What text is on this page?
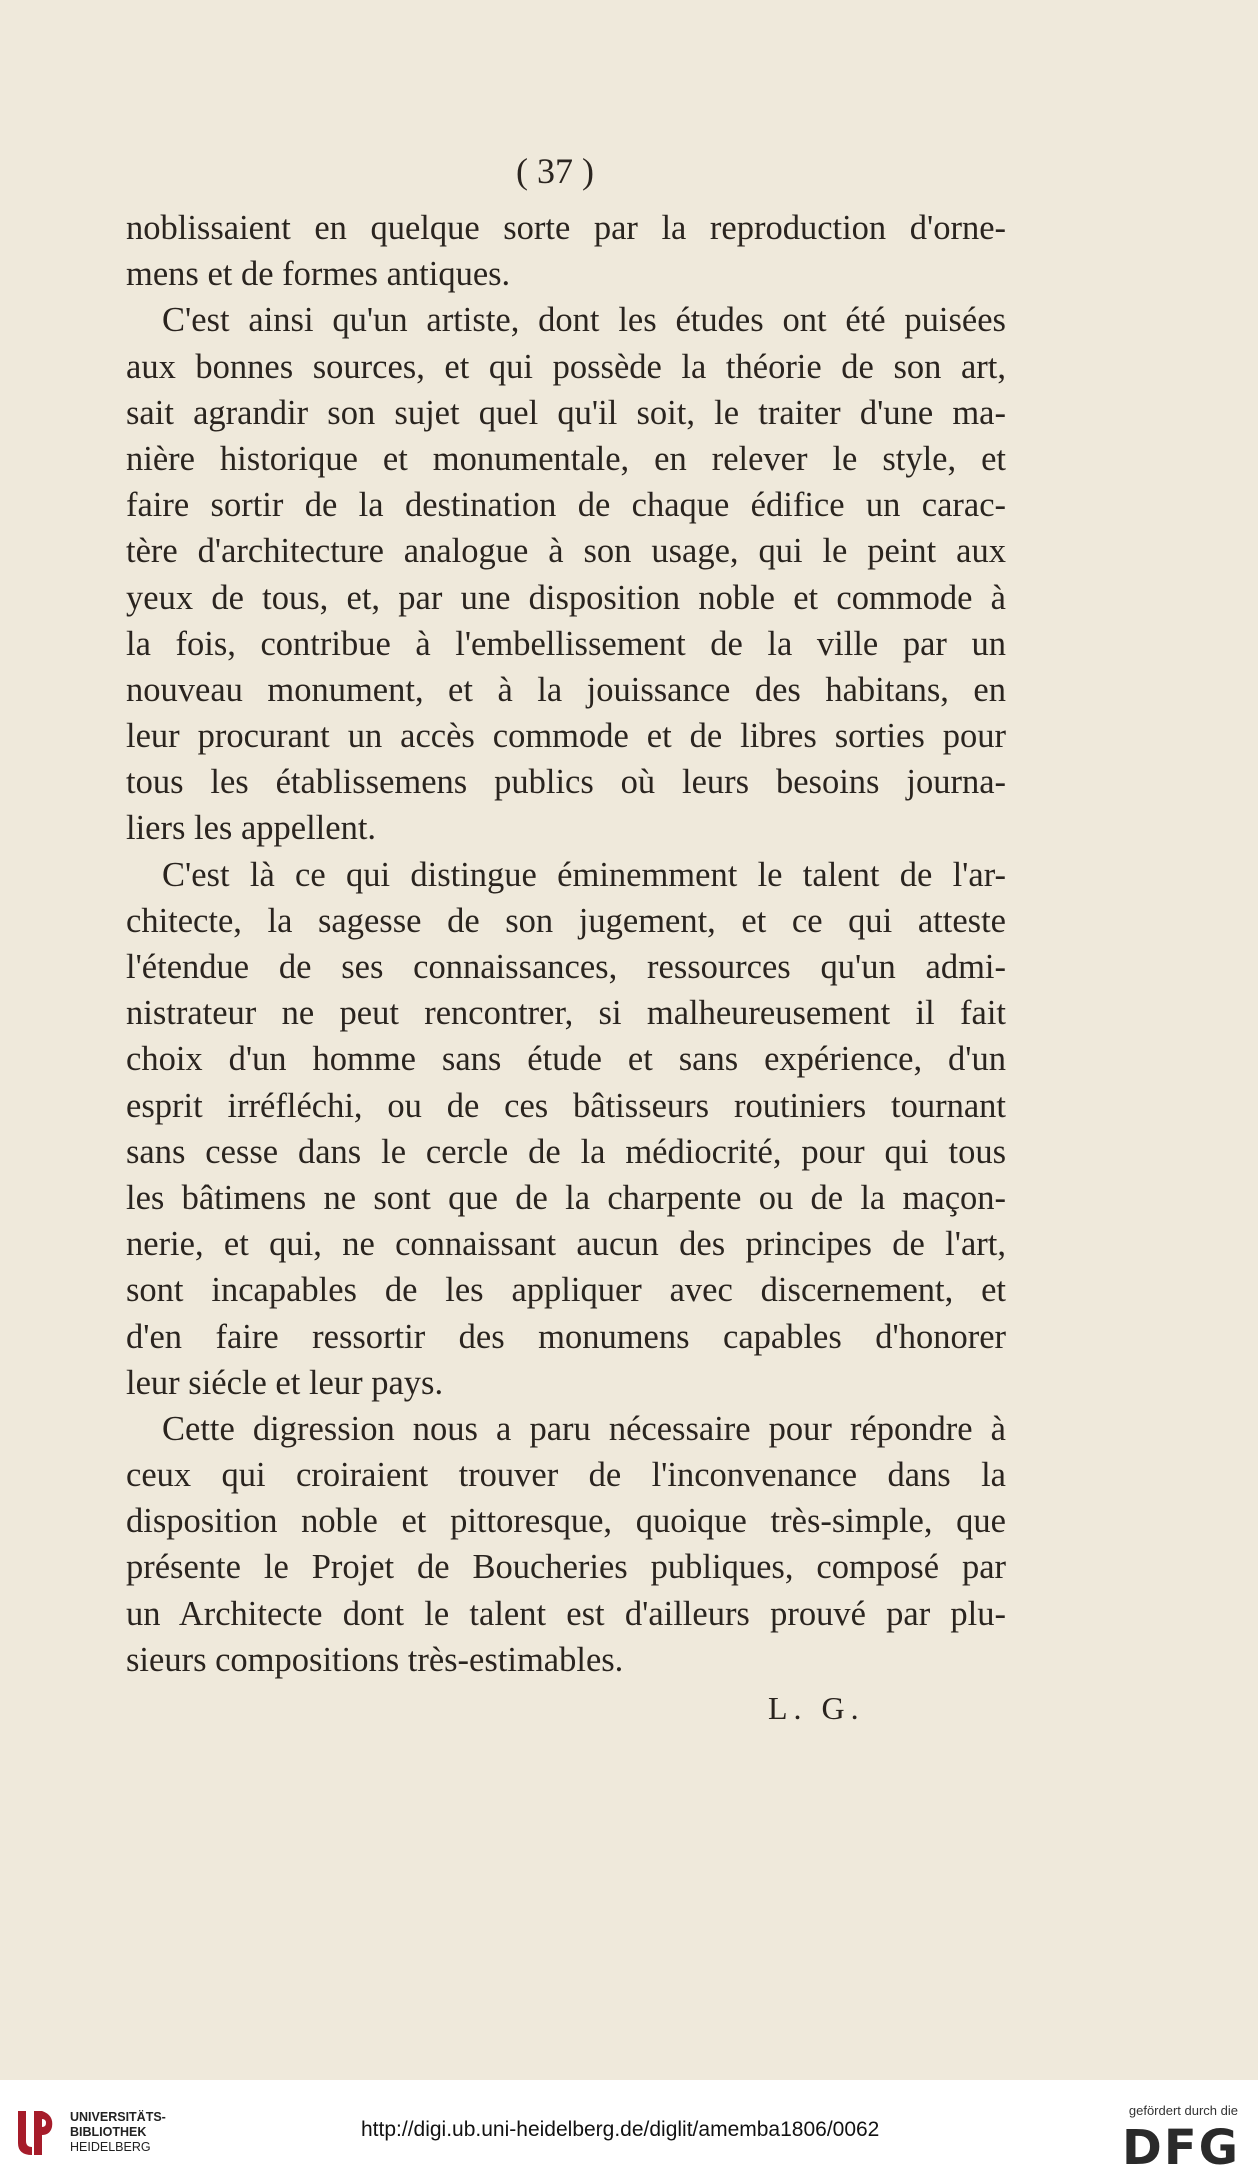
( 37 )
noblissaient en quelque sorte par la reproduction d'orne-
mens et de formes antiques.
C'est ainsi qu'un artiste, dont les études ont été puisées
aux bonnes sources, et qui possède la théorie de son art,
sait agrandir son sujet quel qu'il soit, le traiter d'une ma-
nière historique et monumentale, en relever le style, et
faire sortir de la destination de chaque édifice un carac-
tère d'architecture analogue à son usage, qui le peint aux
yeux de tous, et, par une disposition noble et commode à
la fois, contribue à l'embellissement de la ville par un
nouveau monument, et à la jouissance des habitans, en
leur procurant un accès commode et de libres sorties pour
tous les établissemens publics où leurs besoins journa-
liers les appellent.
C'est là ce qui distingue éminemment le talent de l'ar-
chitecte, la sagesse de son jugement, et ce qui atteste
l'étendue de ses connaissances, ressources qu'un admi-
nistrateur ne peut rencontrer, si malheureusement il fait
choix d'un homme sans étude et sans expérience, d'un
esprit irréfléchi, ou de ces bâtisseurs routiniers tournant
sans cesse dans le cercle de la médiocrité, pour qui tous
les bâtimens ne sont que de la charpente ou de la maçon-
nerie, et qui, ne connaissant aucun des principes de l'art,
sont incapables de les appliquer avec discernement, et
d'en faire ressortir des monumens capables d'honorer
leur siécle et leur pays.
Cette digression nous a paru nécessaire pour répondre à
ceux qui croiraient trouver de l'inconvenance dans la
disposition noble et pittoresque, quoique très-simple, que
présente le Projet de Boucheries publiques, composé par
un Architecte dont le talent est d'ailleurs prouvé par plu-
sieurs compositions très-estimables.
L. G.
UNIVERSITÄTS-
BIBLIOTHEK
HEIDELBERG
http://digi.ub.uni-heidelberg.de/diglit/amemba1806/0062
gefördert durch die
DFG
